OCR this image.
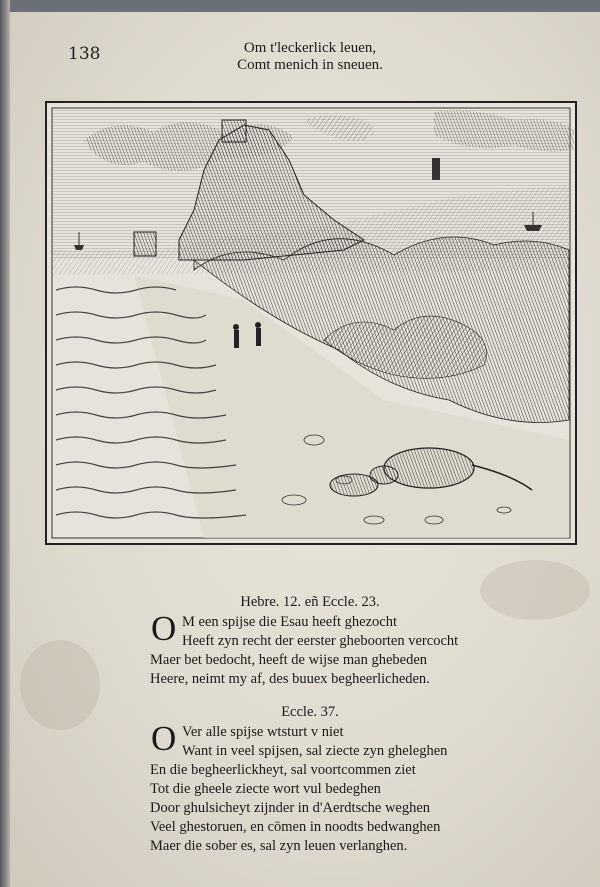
138	Om t'leckerlick leuen,
Comt menich in sneuen.
Hebre. 12. eñ Eccle. 23.
O M een spijse die Esau heeft ghezocht
Heeft zyn recht der eerster gheboorten vercocht
Maer bet bedocht, heeft de wijse man ghebeden
Heere, neimt my af, des buuex begheerlicheden.
Eccle. 37.
O Ver alle spijse wtsturt v niet
Want in veel spijsen, sal ziecte zyn gheleghen
En die begheerlickheyt, sal voortcommen ziet
Tot die gheele ziecte wort vul bedeghen
Door ghulsicheyt zijnder in d'Aerdtsche weghen
Veel ghestoruen, en cōmen in noodts bedwanghen
Maer die sober es, sal zyn leuen verlanghen.
